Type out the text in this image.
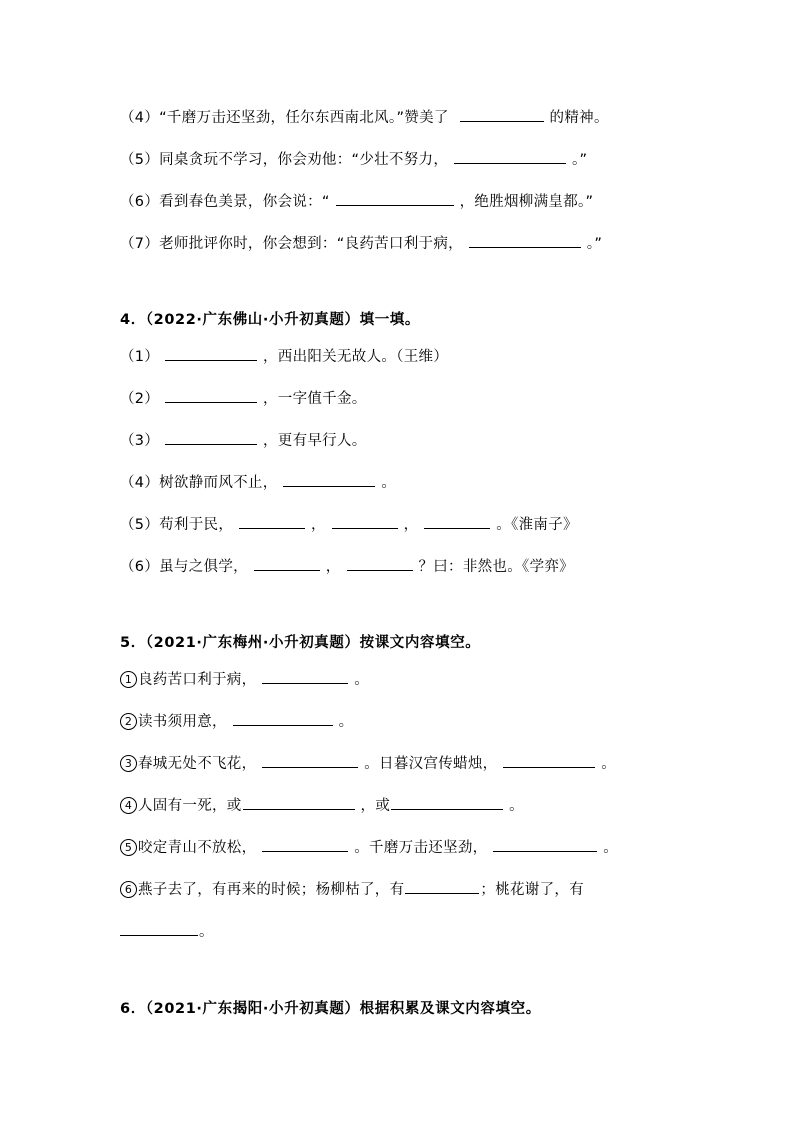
（4）“千磨万击还坚劲，任尔东西南北风。”赞美了	的精神。
（5）同桌贪玩不学习，你会劝他：“少壮不努力，	。”
（6）看到春色美景，你会说：“	，绝胜烟柳满皇都。”
（7）老师批评你时，你会想到：“良药苦口利于病，	。”
4．（2022·广东佛山·小升初真题）填一填。
（1）	，西出阳关无故人。（王维）
（2）	，一字值千金。
（3）	，更有早行人。
（4）树欲静而风不止，	。
（5）苟利于民，	，	，	。《淮南子》
（6）虽与之俱学，	，	？曰：非然也。《学弈》
5．（2021·广东梅州·小升初真题）按课文内容填空。
1 良药苦口利于病，	。
2 读书须用意，	。
3 春城无处不飞花，	。日暮汉宫传蜡烛，	。
4 人固有一死，或	，或	。
5 咬定青山不放松，	。千磨万击还坚劲，	。
6 燕子去了，有再来的时候；杨柳枯了，有	；桃花谢了，有
。
6．（2021·广东揭阳·小升初真题）根据积累及课文内容填空。
